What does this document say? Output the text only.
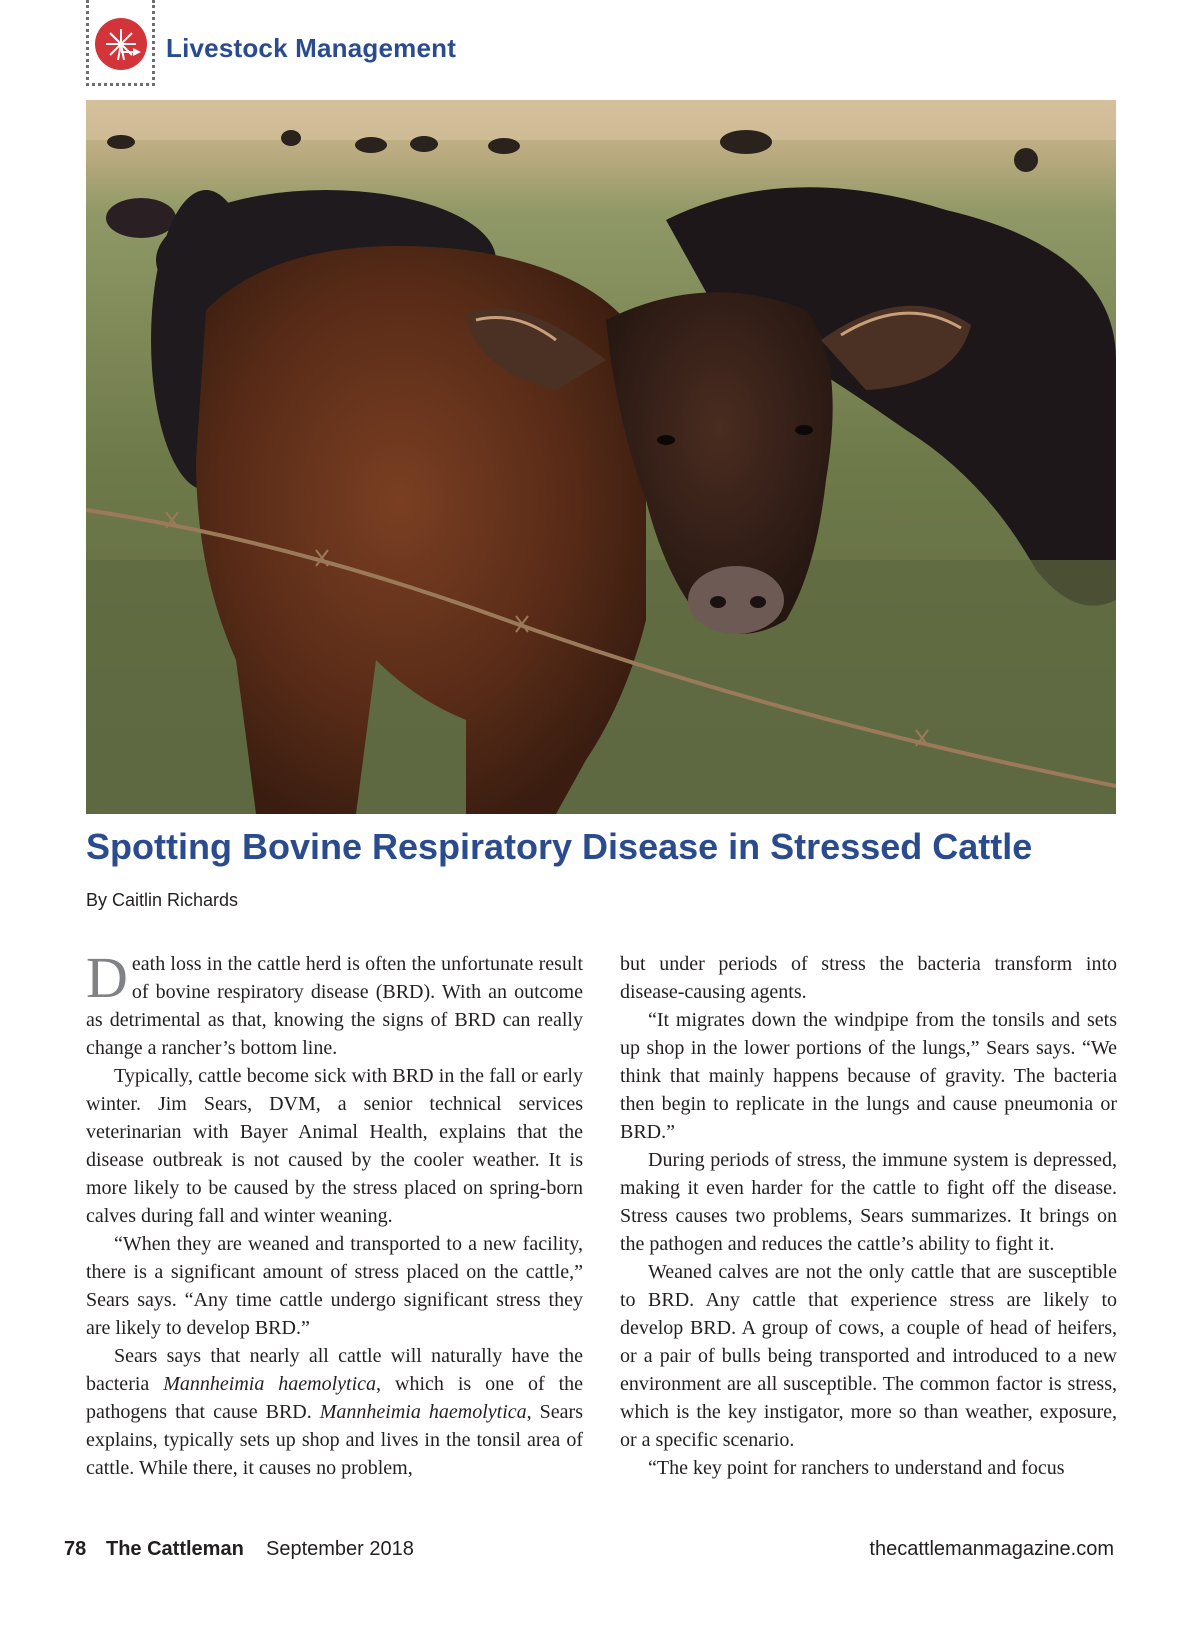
Livestock Management
Spotting Bovine Respiratory Disease in Stressed Cattle

By Caitlin Richards

Death loss in the cattle herd is often the unfortunate result of bovine respiratory disease (BRD). With an outcome as detrimental as that, knowing the signs of BRD can really change a rancher’s bottom line.

Typically, cattle become sick with BRD in the fall or early winter. Jim Sears, DVM, a senior technical services veterinarian with Bayer Animal Health, explains that the disease outbreak is not caused by the cooler weather. It is more likely to be caused by the stress placed on spring-born calves during fall and winter weaning.

“When they are weaned and transported to a new facility, there is a significant amount of stress placed on the cattle,” Sears says. “Any time cattle undergo significant stress they are likely to develop BRD.”

Sears says that nearly all cattle will naturally have the bacteria Mannheimia haemolytica, which is one of the pathogens that cause BRD. Mannheimia haemolytica, Sears explains, typically sets up shop and lives in the tonsil area of cattle. While there, it causes no problem,

but under periods of stress the bacteria transform into disease-causing agents.

“It migrates down the windpipe from the tonsils and sets up shop in the lower portions of the lungs,” Sears says. “We think that mainly happens because of gravity. The bacteria then begin to replicate in the lungs and cause pneumonia or BRD.”

During periods of stress, the immune system is depressed, making it even harder for the cattle to fight off the disease. Stress causes two problems, Sears summarizes. It brings on the pathogen and reduces the cattle’s ability to fight it.

Weaned calves are not the only cattle that are susceptible to BRD. Any cattle that experience stress are likely to develop BRD. A group of cows, a couple of head of heifers, or a pair of bulls being transported and introduced to a new environment are all susceptible. The common factor is stress, which is the key instigator, more so than weather, exposure, or a specific scenario.

“The key point for ranchers to understand and focus

78 The Cattleman September 2018	thecattlemanmagazine.com
